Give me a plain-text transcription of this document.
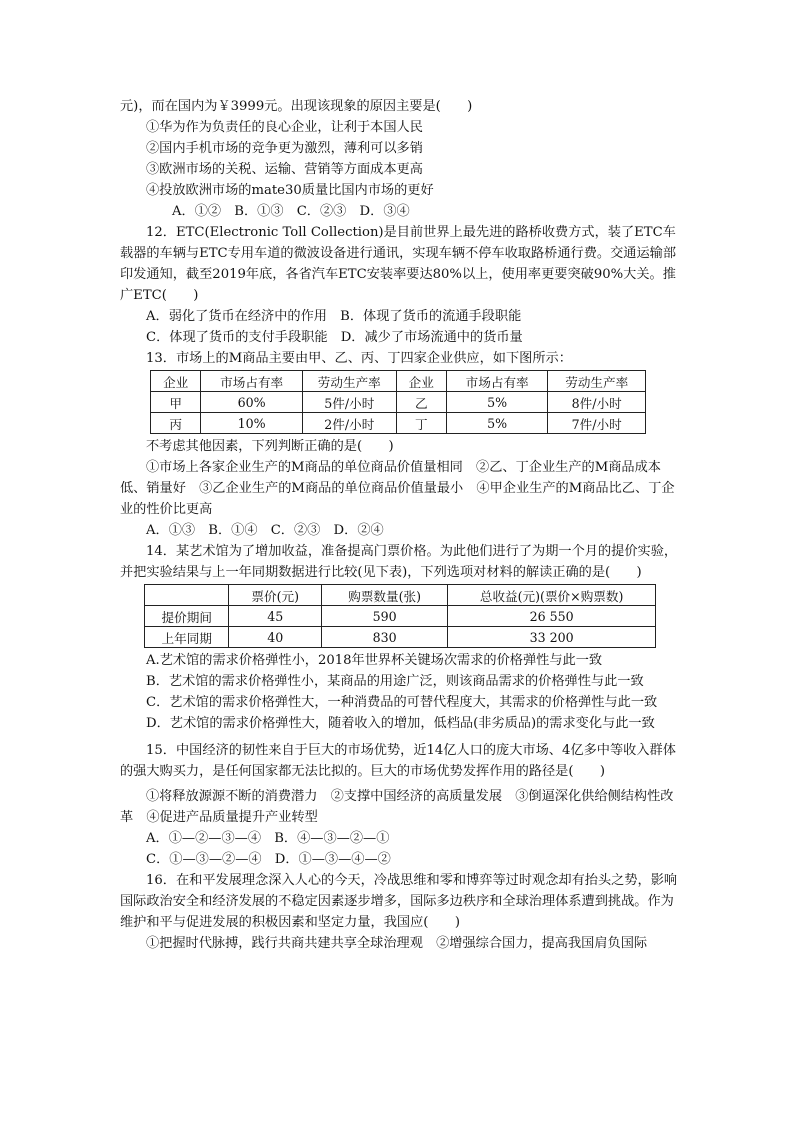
元)，而在国内为￥3999元。出现该现象的原因主要是(　　)

①华为作为负责任的良心企业，让利于本国人民

②国内手机市场的竞争更为激烈，薄利可以多销

③欧洲市场的关税、运输、营销等方面成本更高

④投放欧洲市场的mate30质量比国内市场的更好

A．①②　B．①③　C．②③　D．③④

12．ETC(Electronic Toll Collection)是目前世界上最先进的路桥收费方式，装了ETC车载器的车辆与ETC专用车道的微波设备进行通讯，实现车辆不停车收取路桥通行费。交通运输部印发通知，截至2019年底，各省汽车ETC安装率要达80%以上，使用率更要突破90%大关。推广ETC(　　)

A．弱化了货币在经济中的作用　B．体现了货币的流通手段职能

C．体现了货币的支付手段职能　D．减少了市场流通中的货币量

13．市场上的M商品主要由甲、乙、丙、丁四家企业供应，如下图所示：

企业	市场占有率	劳动生产率	企业	市场占有率	劳动生产率
甲	60%	5件/小时	乙	5%	8件/小时
丙	10%	2件/小时	丁	5%	7件/小时

不考虑其他因素，下列判断正确的是(　　)

①市场上各家企业生产的M商品的单位商品价值量相同　②乙、丁企业生产的M商品成本低、销量好　③乙企业生产的M商品的单位商品价值量最小　④甲企业生产的M商品比乙、丁企业的性价比更高

A．①③　B．①④　C．②③　D．②④

14．某艺术馆为了增加收益，准备提高门票价格。为此他们进行了为期一个月的提价实验，并把实验结果与上一年同期数据进行比较(见下表)，下列选项对材料的解读正确的是(　　)

	票价(元)	购票数量(张)	总收益(元)(票价×购票数)
提价期间	45	590	26 550
上年同期	40	830	33 200

A.艺术馆的需求价格弹性小，2018年世界杯关键场次需求的价格弹性与此一致

B．艺术馆的需求价格弹性小，某商品的用途广泛，则该商品需求的价格弹性与此一致

C．艺术馆的需求价格弹性大，一种消费品的可替代程度大，其需求的价格弹性与此一致

D．艺术馆的需求价格弹性大，随着收入的增加，低档品(非劣质品)的需求变化与此一致

15．中国经济的韧性来自于巨大的市场优势，近14亿人口的庞大市场、4亿多中等收入群体的强大购买力，是任何国家都无法比拟的。巨大的市场优势发挥作用的路径是(　　)

①将释放源源不断的消费潜力　②支撑中国经济的高质量发展　③倒逼深化供给侧结构性改革　④促进产品质量提升产业转型

A．①—②—③—④　B．④—③—②—①

C．①—③—②—④　D．①—③—④—②

16．在和平发展理念深入人心的今天，冷战思维和零和博弈等过时观念却有抬头之势，影响国际政治安全和经济发展的不稳定因素逐步增多，国际多边秩序和全球治理体系遭到挑战。作为维护和平与促进发展的积极因素和坚定力量，我国应(　　)

①把握时代脉搏，践行共商共建共享全球治理观　②增强综合国力，提高我国肩负国际
